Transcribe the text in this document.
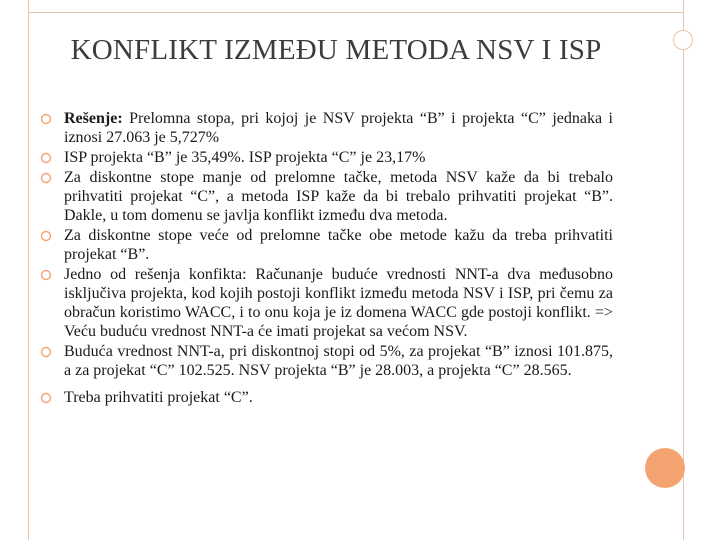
KONFLIKT IZMEĐU METODA NSV I ISP
Rešenje: Prelomna stopa, pri kojoj je NSV projekta “B” i projekta “C” jednaka i iznosi 27.063 je 5,727%
ISP projekta “B” je 35,49%. ISP projekta “C” je 23,17%
Za diskontne stope manje od prelomne tačke, metoda NSV kaže da bi trebalo prihvatiti projekat “C”, a metoda ISP kaže da bi trebalo prihvatiti projekat “B”. Dakle, u tom domenu se javlja konflikt između dva metoda.
Za diskontne stope veće od prelomne tačke obe metode kažu da treba prihvatiti projekat “B”.
Jedno od rešenja konfikta: Računanje buduće vrednosti NNT-a dva međusobno isključiva projekta, kod kojih postoji konflikt između metoda NSV i ISP, pri čemu za obračun koristimo WACC, i to onu koja je iz domena WACC gde postoji konflikt. => Veću buduću vrednost NNT-a će imati projekat sa većom NSV.
Buduća vrednost NNT-a, pri diskontnoj stopi od 5%, za projekat “B” iznosi 101.875, a za projekat “C” 102.525. NSV projekta “B” je 28.003, a projekta “C” 28.565.
Treba prihvatiti projekat “C”.
